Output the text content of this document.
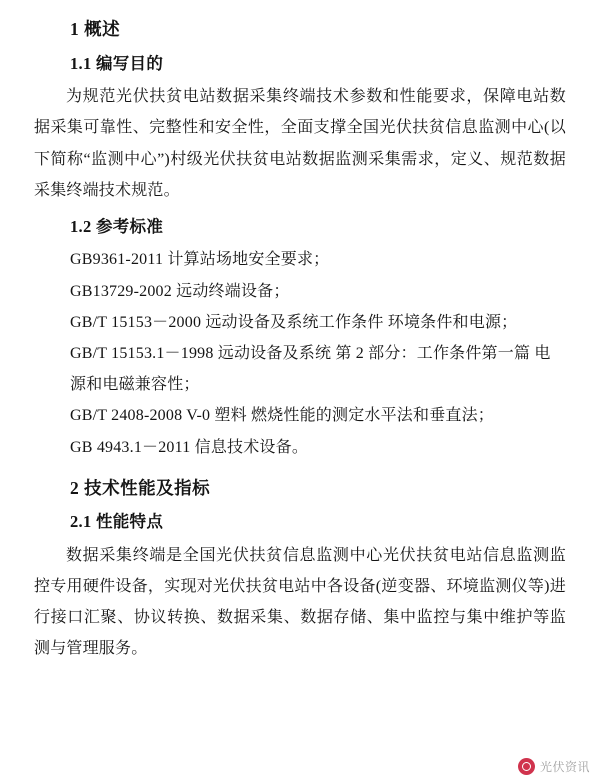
1 概述
1.1 编写目的

为规范光伏扶贫电站数据采集终端技术参数和性能要求，保障电站数据采集可靠性、完整性和安全性，全面支撑全国光伏扶贫信息监测中心(以下简称“监测中心”)村级光伏扶贫电站数据监测采集需求，定义、规范数据采集终端技术规范。

1.2 参考标准

GB9361-2011 计算站场地安全要求；

GB13729-2002 远动终端设备；

GB/T 15153－2000 远动设备及系统工作条件 环境条件和电源；

GB/T 15153.1－1998 远动设备及系统 第 2 部分：工作条件第一篇 电源和电磁兼容性；

GB/T 2408-2008 V-0 塑料 燃烧性能的测定水平法和垂直法；

GB 4943.1－2011 信息技术设备。

2 技术性能及指标
2.1 性能特点

数据采集终端是全国光伏扶贫信息监测中心光伏扶贫电站信息监测监控专用硬件设备，实现对光伏扶贫电站中各设备(逆变器、环境监测仪等)进行接口汇聚、协议转换、数据采集、数据存储、集中监控与集中维护等监测与管理服务。

光伏资讯
